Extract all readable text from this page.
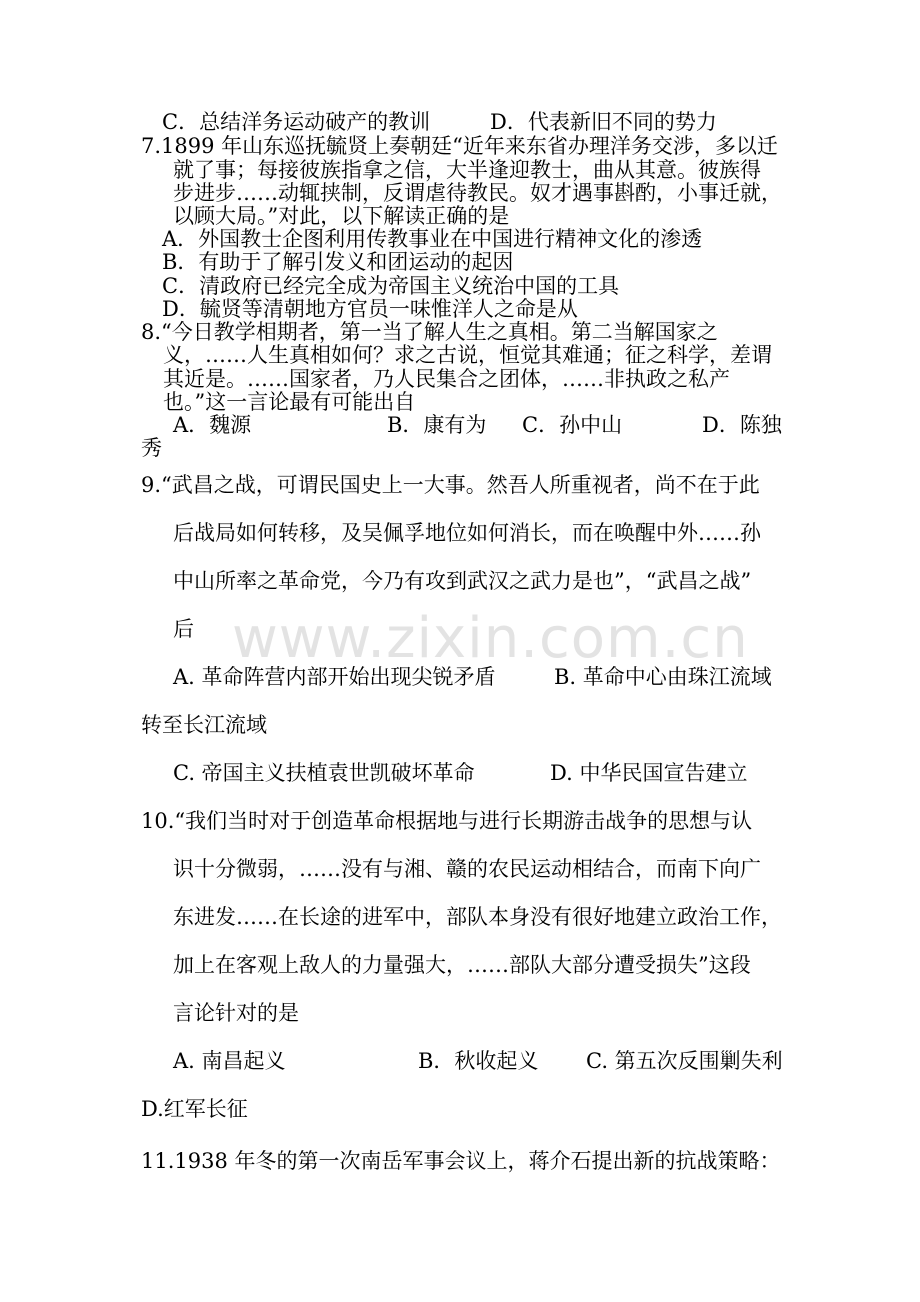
www.zixin.com.cn
C．总结洋务运动破产的教训	D．代表新旧不同的势力
7.1899 年山东巡抚毓贤上奏朝廷“近年来东省办理洋务交涉，多以迁
就了事；每接彼族指拿之信，大半逢迎教士，曲从其意。彼族得
步进步……动辄挟制，反谓虐待教民。奴才遇事斟酌，小事迁就，
以顾大局。”对此，以下解读正确的是
A．外国教士企图利用传教事业在中国进行精神文化的渗透
B．有助于了解引发义和团运动的起因
C．清政府已经完全成为帝国主义统治中国的工具
D．毓贤等清朝地方官员一味惟洋人之命是从
8.“今日教学相期者，第一当了解人生之真相。第二当解国家之
义，……人生真相如何？求之古说，恒觉其难通；征之科学，差谓
其近是。……国家者，乃人民集合之团体，……非执政之私产
也。”这一言论最有可能出自
A．魏源	B．康有为 C．孙中山	D．陈独
秀
9.“武昌之战，可谓民国史上一大事。然吾人所重视者，尚不在于此
后战局如何转移，及吴佩孚地位如何消长，而在唤醒中外……孙
中山所率之革命党，今乃有攻到武汉之武力是也”，“武昌之战”
后
A. 革命阵营内部开始出现尖锐矛盾	B. 革命中心由珠江流域
转至长江流域
C. 帝国主义扶植袁世凯破坏革命	D. 中华民国宣告建立
10.“我们当时对于创造革命根据地与进行长期游击战争的思想与认
识十分微弱，……没有与湘、赣的农民运动相结合，而南下向广
东进发……在长途的进军中，部队本身没有很好地建立政治工作，
加上在客观上敌人的力量强大，……部队大部分遭受损失”这段
言论针对的是
A. 南昌起义	B．秋收起义 C. 第五次反围剿失利
D.红军长征
11.1938 年冬的第一次南岳军事会议上，蒋介石提出新的抗战策略：
